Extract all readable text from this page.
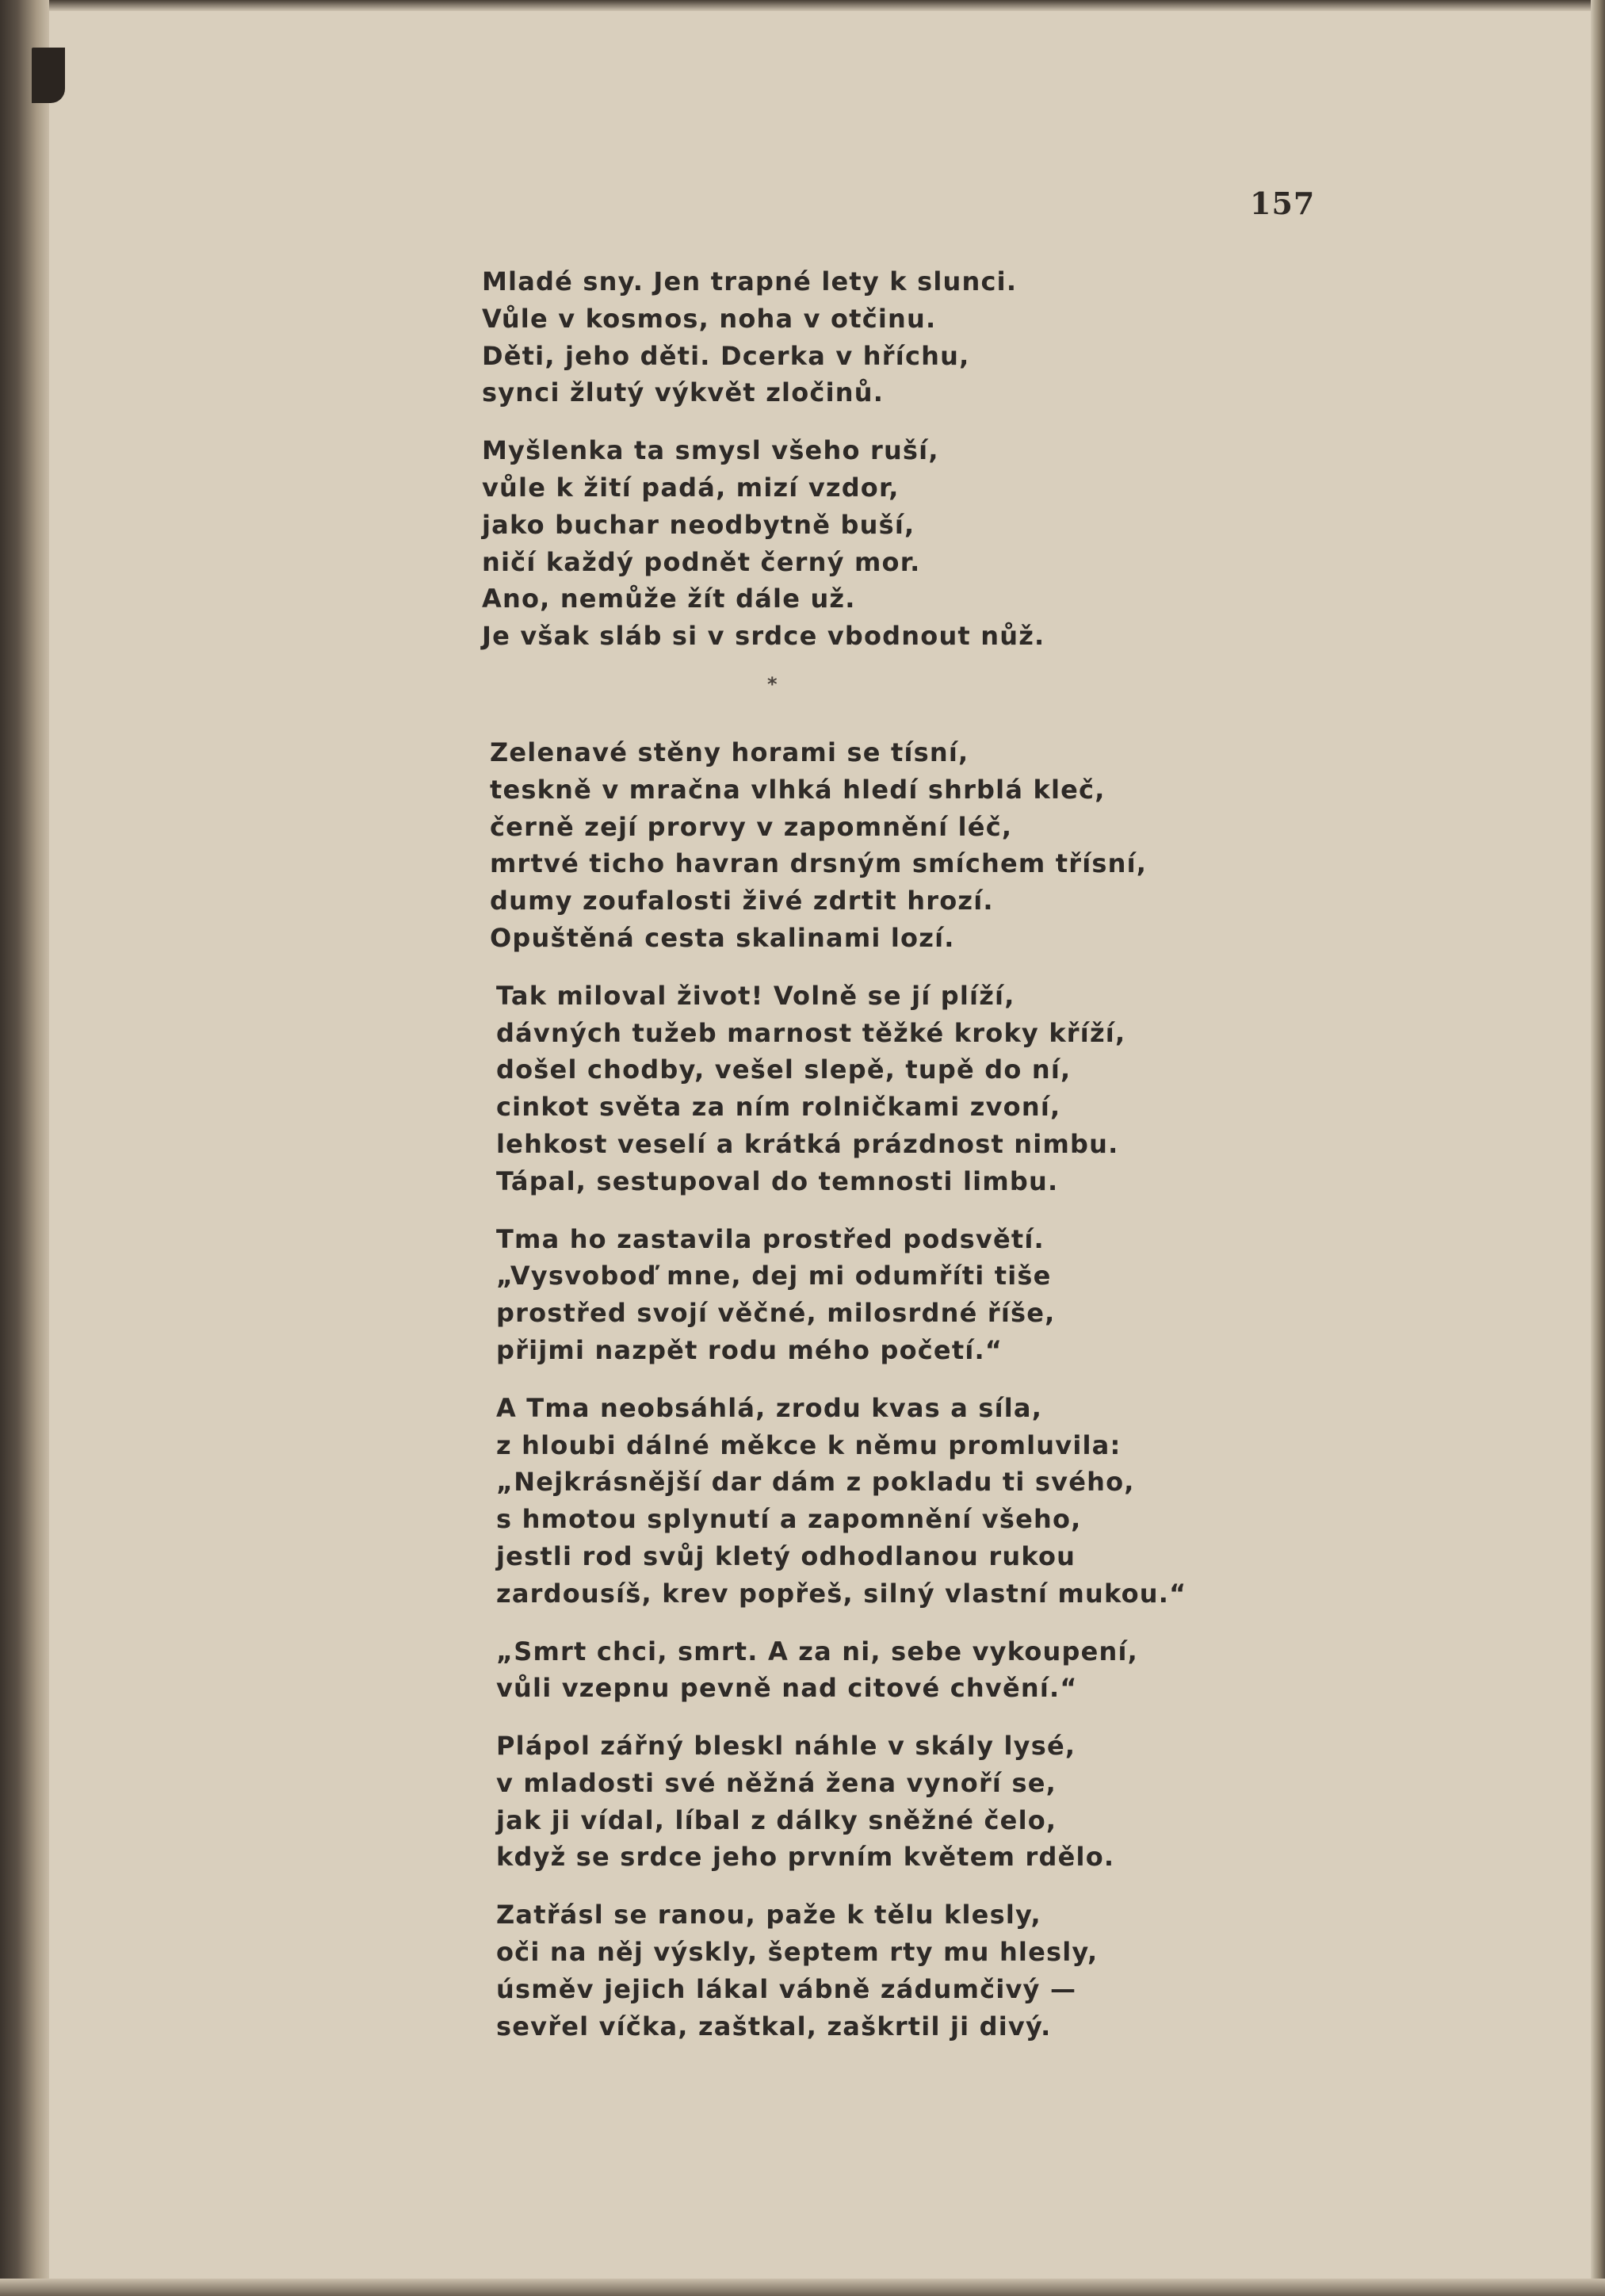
157
Mladé sny. Jen trapné lety k slunci.
Vůle v kosmos, noha v otčinu.
Děti, jeho děti. Dcerka v hříchu,
synci žlutý výkvět zločinů.
Myšlenka ta smysl všeho ruší,
vůle k žití padá, mizí vzdor,
jako buchar neodbytně buší,
ničí každý podnět černý mor.
Ano, nemůže žít dále už.
Je však sláb si v srdce vbodnout nůž.
*
Zelenavé stěny horami se tísní,
teskně v mračna vlhká hledí shrblá kleč,
černě zejí prorvy v zapomnění léč,
mrtvé ticho havran drsným smíchem třísní,
dumy zoufalosti živé zdrtit hrozí.
Opuštěná cesta skalinami lozí.
Tak miloval život! Volně se jí plíží,
dávných tužeb marnost těžké kroky kříží,
došel chodby, vešel slepě, tupě do ní,
cinkot světa za ním rolničkami zvoní,
lehkost veselí a krátká prázdnost nimbu.
Tápal, sestupoval do temnosti limbu.
Tma ho zastavila prostřed podsvětí.
„Vysvoboď mne, dej mi odumříti tiše
prostřed svojí věčné, milosrdné říše,
přijmi nazpět rodu mého početí.“
A Tma neobsáhlá, zrodu kvas a síla,
z hloubi dálné měkce k němu promluvila:
„Nejkrásnější dar dám z pokladu ti svého,
s hmotou splynutí a zapomnění všeho,
jestli rod svůj kletý odhodlanou rukou
zardousíš, krev popřeš, silný vlastní mukou.“
„Smrt chci, smrt. A za ni, sebe vykoupení,
vůli vzepnu pevně nad citové chvění.“
Plápol zářný bleskl náhle v skály lysé,
v mladosti své něžná žena vynoří se,
jak ji vídal, líbal z dálky sněžné čelo,
když se srdce jeho prvním květem rdělo.
Zatřásl se ranou, paže k tělu klesly,
oči na něj výskly, šeptem rty mu hlesly,
úsměv jejich lákal vábně zádumčivý —
sevřel víčka, zaštkal, zaškrtil ji divý.
